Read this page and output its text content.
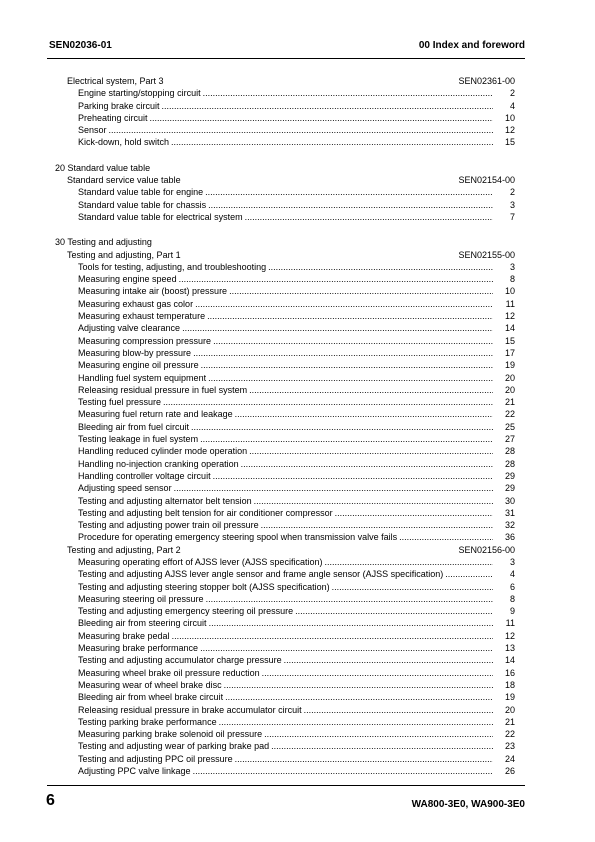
SEN02036-01	00 Index and foreword
Electrical system, Part 3	SEN02361-00
Engine starting/stopping circuit .....	2
Parking brake circuit .....	4
Preheating circuit .....	10
Sensor .....	12
Kick-down, hold switch .....	15
20 Standard value table
Standard service value table	SEN02154-00
Standard value table for engine .....	2
Standard value table for chassis .....	3
Standard value table for electrical system .....	7
30 Testing and adjusting
Testing and adjusting, Part 1	SEN02155-00
Tools for testing, adjusting, and troubleshooting .....	3
Measuring engine speed .....	8
Measuring intake air (boost) pressure .....	10
Measuring exhaust gas color .....	11
Measuring exhaust temperature .....	12
Adjusting valve clearance .....	14
Measuring compression pressure .....	15
Measuring blow-by pressure .....	17
Measuring engine oil pressure .....	19
Handling fuel system equipment .....	20
Releasing residual pressure in fuel system .....	20
Testing fuel pressure .....	21
Measuring fuel return rate and leakage .....	22
Bleeding air from fuel circuit .....	25
Testing leakage in fuel system .....	27
Handling reduced cylinder mode operation .....	28
Handling no-injection cranking operation .....	28
Handling controller voltage circuit .....	29
Adjusting speed sensor .....	29
Testing and adjusting alternator belt tension .....	30
Testing and adjusting belt tension for air conditioner compressor .....	31
Testing and adjusting power train oil pressure .....	32
Procedure for operating emergency steering spool when transmission valve fails .....	36
Testing and adjusting, Part 2	SEN02156-00
Measuring operating effort of AJSS lever (AJSS specification) .....	3
Testing and adjusting AJSS lever angle sensor and frame angle sensor (AJSS specification) .....	4
Testing and adjusting steering stopper bolt (AJSS specification) .....	6
Measuring steering oil pressure .....	8
Testing and adjusting emergency steering oil pressure .....	9
Bleeding air from steering circuit .....	11
Measuring brake pedal .....	12
Measuring brake performance .....	13
Testing and adjusting accumulator charge pressure .....	14
Measuring wheel brake oil pressure reduction .....	16
Measuring wear of wheel brake disc .....	18
Bleeding air from wheel brake circuit .....	19
Releasing residual pressure in brake accumulator circuit .....	20
Testing parking brake performance .....	21
Measuring parking brake solenoid oil pressure .....	22
Testing and adjusting wear of parking brake pad .....	23
Testing and adjusting PPC oil pressure .....	24
Adjusting PPC valve linkage .....	26
6	WA800-3E0, WA900-3E0
